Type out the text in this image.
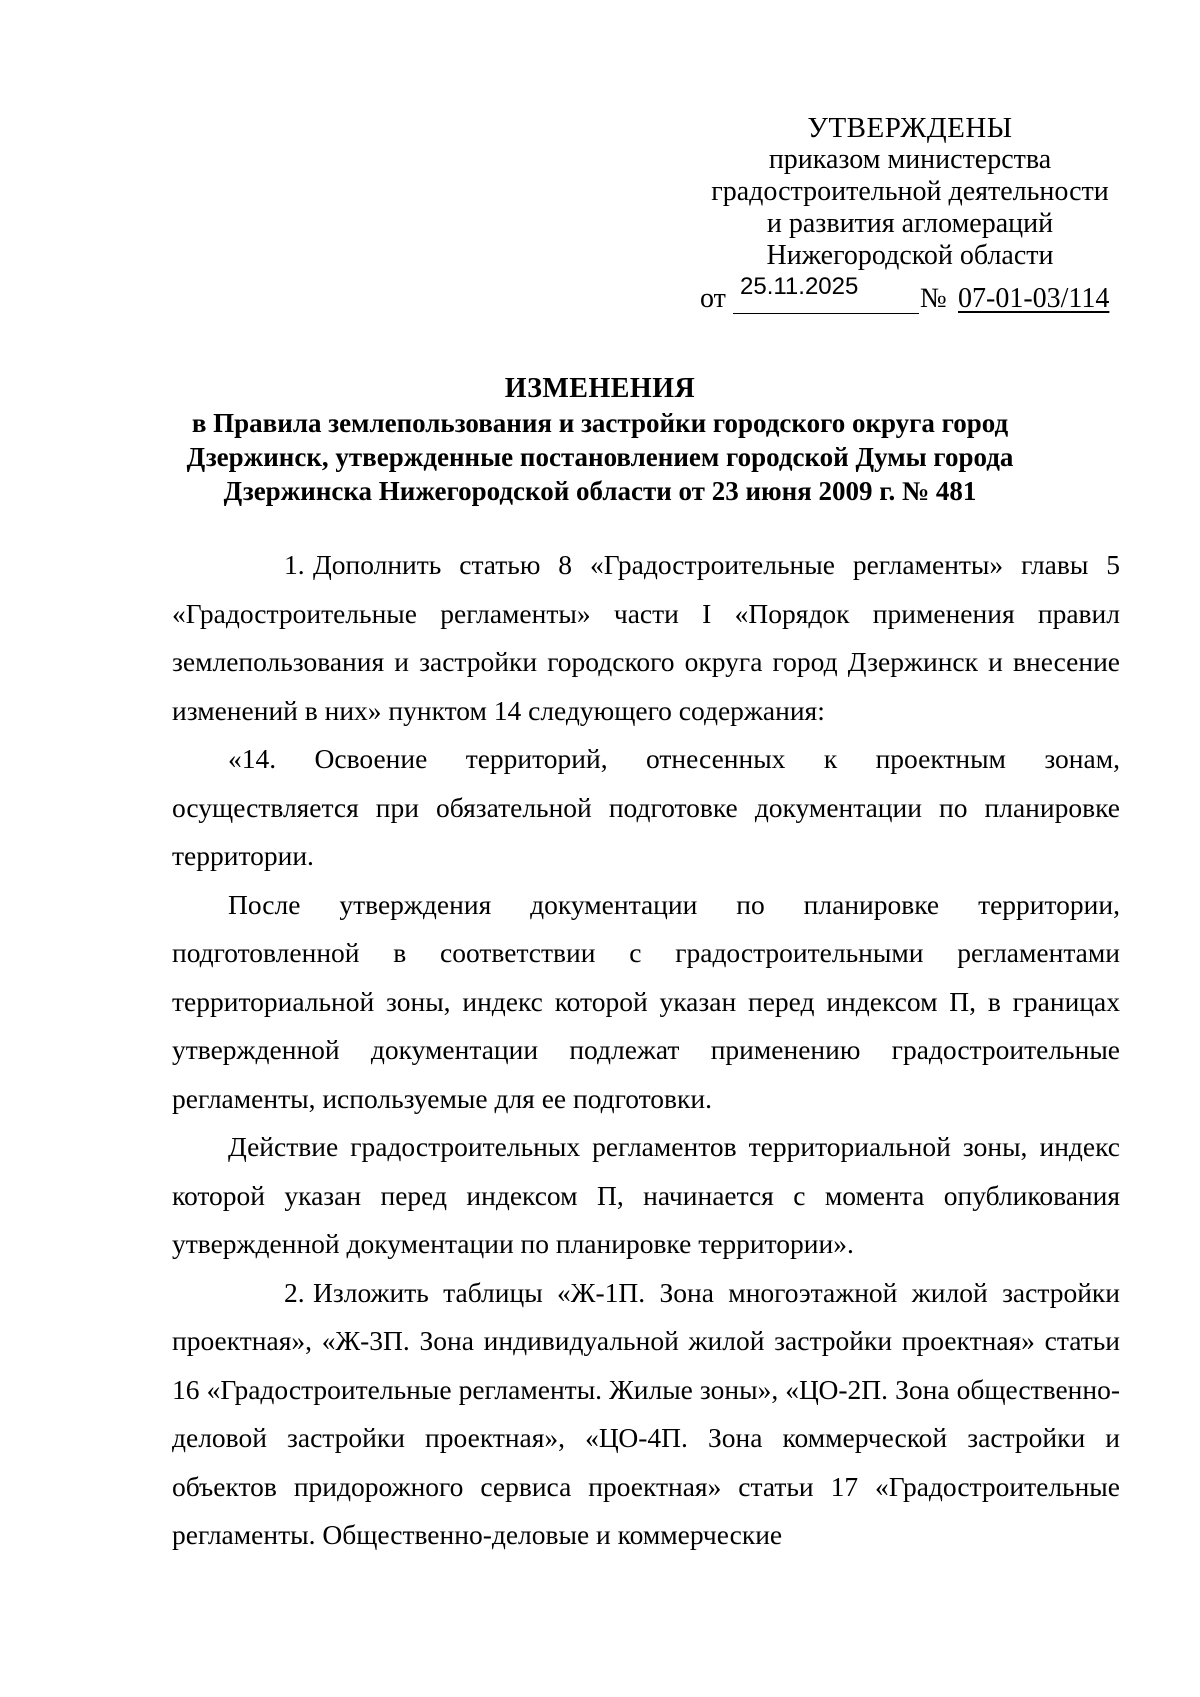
УТВЕРЖДЕНЫ
приказом министерства
градостроительной деятельности
и развития агломераций
Нижегородской области
от 25.11.2025 № 07-01-03/114
ИЗМЕНЕНИЯ
в Правила землепользования и застройки городского округа город
Дзержинск, утвержденные постановлением городской Думы города
Дзержинска Нижегородской области от 23 июня 2009 г. № 481

1. Дополнить статью 8 «Градостроительные регламенты» главы 5 «Градостроительные регламенты» части I «Порядок применения правил землепользования и застройки городского округа город Дзержинск и внесение изменений в них» пунктом 14 следующего содержания:

«14. Освоение территорий, отнесенных к проектным зонам, осуществляется при обязательной подготовке документации по планировке территории.

После утверждения документации по планировке территории, подготовленной в соответствии с градостроительными регламентами территориальной зоны, индекс которой указан перед индексом П, в границах утвержденной документации подлежат применению градостроительные регламенты, используемые для ее подготовки.

Действие градостроительных регламентов территориальной зоны, индекс которой указан перед индексом П, начинается с момента опубликования утвержденной документации по планировке территории».

2. Изложить таблицы «Ж-1П. Зона многоэтажной жилой застройки проектная», «Ж-3П. Зона индивидуальной жилой застройки проектная» статьи 16 «Градостроительные регламенты. Жилые зоны», «ЦО-2П. Зона общественно-деловой застройки проектная», «ЦО-4П. Зона коммерческой застройки и объектов придорожного сервиса проектная» статьи 17 «Градостроительные регламенты. Общественно-деловые и коммерческие
